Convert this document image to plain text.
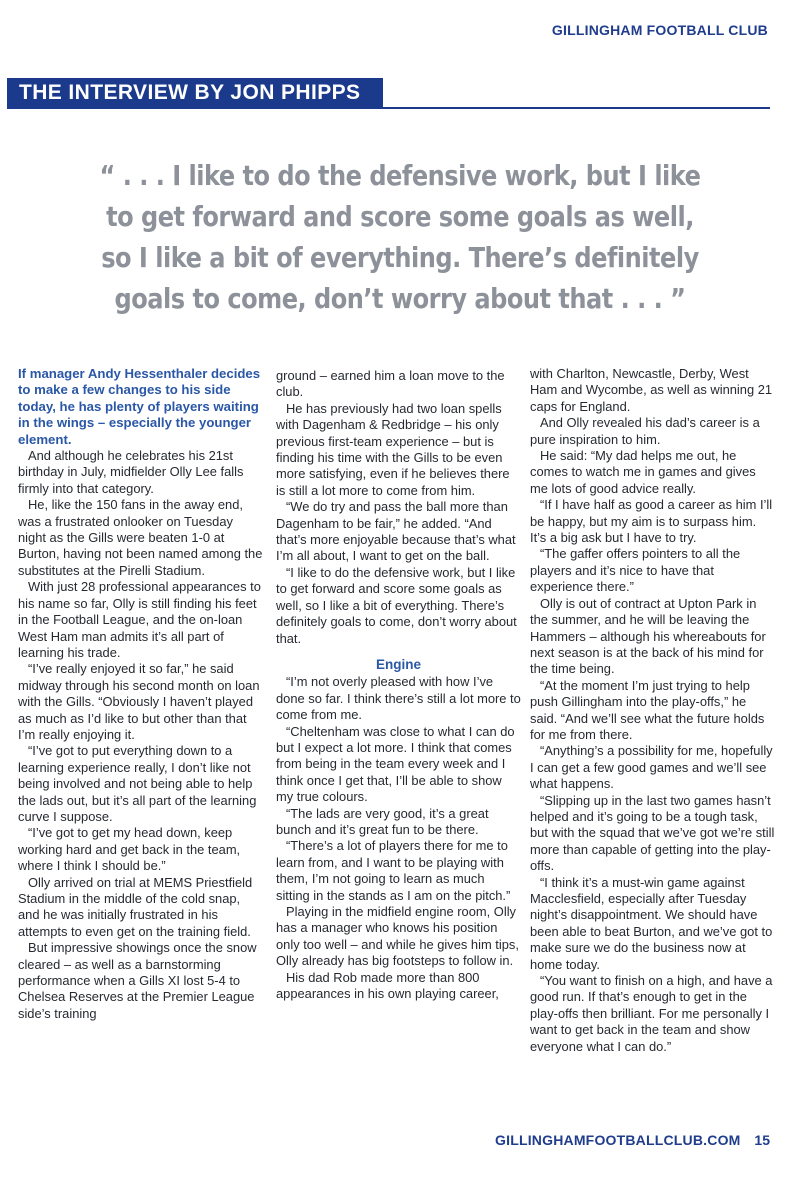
GILLINGHAM FOOTBALL CLUB
THE INTERVIEW BY JON PHIPPS
“ . . . I like to do the defensive work, but I like to get forward and score some goals as well, so I like a bit of everything. There’s definitely goals to come, don’t worry about that . . . ”

If manager Andy Hessenthaler decides to make a few changes to his side today, he has plenty of players waiting in the wings – especially the younger element.

And although he celebrates his 21st birthday in July, midfielder Olly Lee falls firmly into that category.

He, like the 150 fans in the away end, was a frustrated onlooker on Tuesday night as the Gills were beaten 1-0 at Burton, having not been named among the substitutes at the Pirelli Stadium.

With just 28 professional appearances to his name so far, Olly is still finding his feet in the Football League, and the on-loan West Ham man admits it’s all part of learning his trade.

“I’ve really enjoyed it so far,” he said midway through his second month on loan with the Gills. “Obviously I haven’t played as much as I’d like to but other than that I’m really enjoying it.

“I’ve got to put everything down to a learning experience really, I don’t like not being involved and not being able to help the lads out, but it’s all part of the learning curve I suppose.

“I’ve got to get my head down, keep working hard and get back in the team, where I think I should be.”

Olly arrived on trial at MEMS Priestfield Stadium in the middle of the cold snap, and he was initially frustrated in his attempts to even get on the training field.

But impressive showings once the snow cleared – as well as a barnstorming performance when a Gills XI lost 5-4 to Chelsea Reserves at the Premier League side’s training

ground – earned him a loan move to the club.

He has previously had two loan spells with Dagenham & Redbridge – his only previous first-team experience – but is finding his time with the Gills to be even more satisfying, even if he believes there is still a lot more to come from him.

“We do try and pass the ball more than Dagenham to be fair,” he added. “And that’s more enjoyable because that’s what I’m all about, I want to get on the ball.

“I like to do the defensive work, but I like to get forward and score some goals as well, so I like a bit of everything. There’s definitely goals to come, don’t worry about that.

Engine

“I’m not overly pleased with how I’ve done so far. I think there’s still a lot more to come from me.

“Cheltenham was close to what I can do but I expect a lot more. I think that comes from being in the team every week and I think once I get that, I’ll be able to show my true colours.

“The lads are very good, it’s a great bunch and it’s great fun to be there.

“There’s a lot of players there for me to learn from, and I want to be playing with them, I’m not going to learn as much sitting in the stands as I am on the pitch.”

Playing in the midfield engine room, Olly has a manager who knows his position only too well – and while he gives him tips, Olly already has big footsteps to follow in.

His dad Rob made more than 800 appearances in his own playing career,

with Charlton, Newcastle, Derby, West Ham and Wycombe, as well as winning 21 caps for England.

And Olly revealed his dad’s career is a pure inspiration to him.

He said: “My dad helps me out, he comes to watch me in games and gives me lots of good advice really.

“If I have half as good a career as him I’ll be happy, but my aim is to surpass him. It’s a big ask but I have to try.

“The gaffer offers pointers to all the players and it’s nice to have that experience there.”

Olly is out of contract at Upton Park in the summer, and he will be leaving the Hammers – although his whereabouts for next season is at the back of his mind for the time being.

“At the moment I’m just trying to help push Gillingham into the play-offs,” he said. “And we’ll see what the future holds for me from there.

“Anything’s a possibility for me, hopefully I can get a few good games and we’ll see what happens.

“Slipping up in the last two games hasn’t helped and it’s going to be a tough task, but with the squad that we’ve got we’re still more than capable of getting into the play-offs.

“I think it’s a must-win game against Macclesfield, especially after Tuesday night’s disappointment. We should have been able to beat Burton, and we’ve got to make sure we do the business now at home today.

“You want to finish on a high, and have a good run. If that’s enough to get in the play-offs then brilliant. For me personally I want to get back in the team and show everyone what I can do.”

GILLINGHAMFOOTBALLCLUB.COM 15
